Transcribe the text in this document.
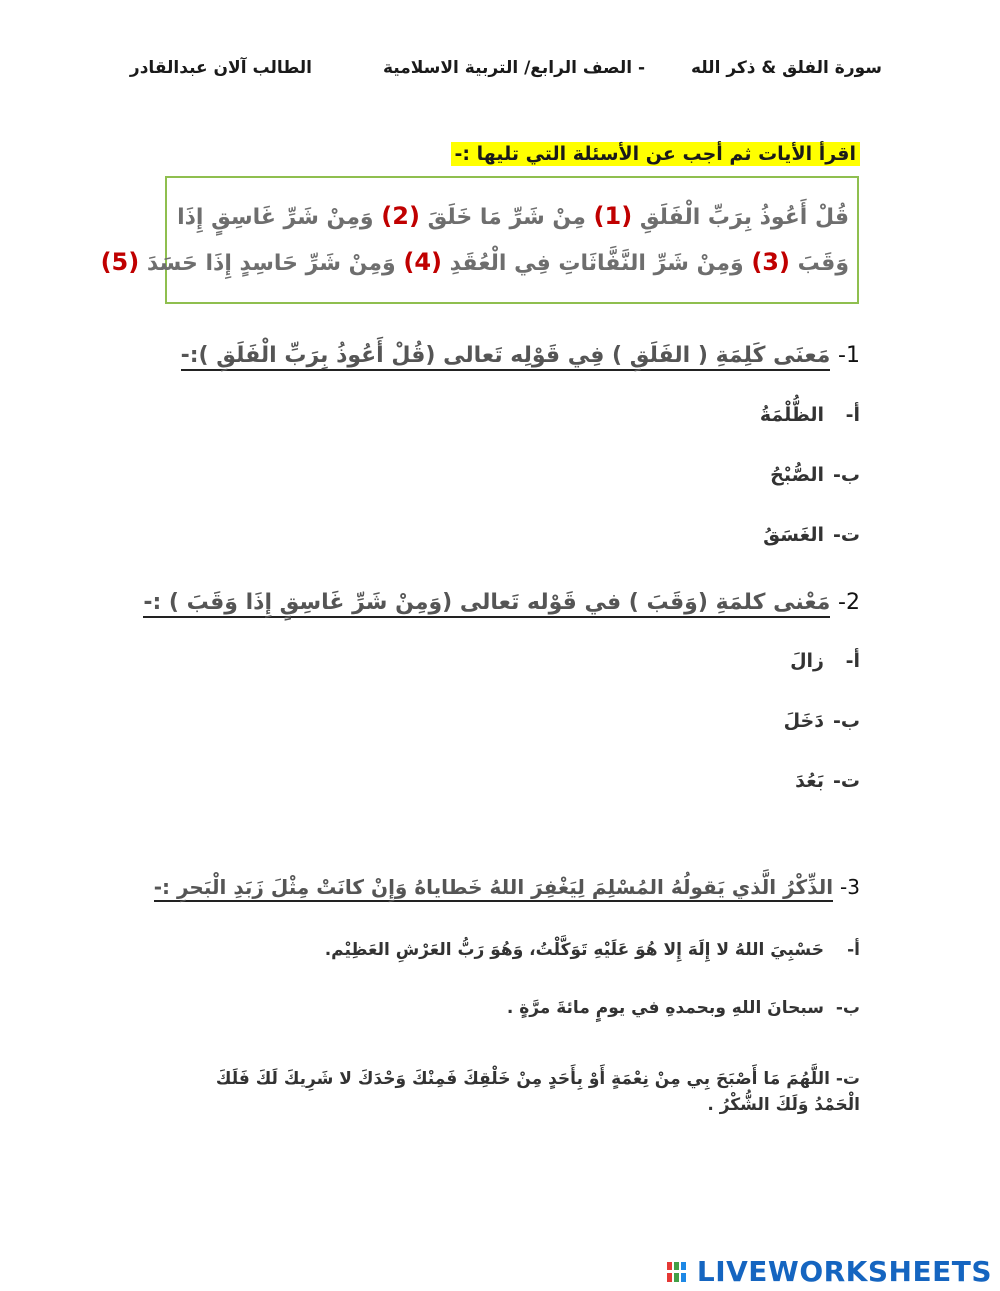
سورة الفلق & ذكر الله
- الصف الرابع/ التربية الاسلامية
الطالب آلان عبدالقادر
اقرأ الأيات ثم أجب عن الأسئلة التي تليها :-
قُلْ أَعُوذُ بِرَبِّ الْفَلَقِ (1) مِنْ شَرِّ مَا خَلَقَ (2) وَمِنْ شَرِّ غَاسِقٍ إِذَا
وَقَبَ (3) وَمِنْ شَرِّ النَّفَّاثَاتِ فِي الْعُقَدِ (4) وَمِنْ شَرِّ حَاسِدٍ إِذَا حَسَدَ (5)
1- مَعنَى كَلِمَةِ ( الفَلَقِ ) فِي قَوْلِه تَعالى (قُلْ أَعُوذُ بِرَبِّ الْفَلَقِ ):-
أ-الظُّلْمَةُ
ب-الصُّبْحُ
ت-الغَسَقُ
2- مَعْنى كلمَةِ (وَقَبَ ) في قَوْله تَعالى (وَمِنْ شَرِّ غَاسِقٍ إِذَا وَقَبَ ) :-
أ-زالَ
ب-دَخَلَ
ت-بَعُدَ
3- الذِّكْرُ الَّذي يَقولُهُ المُسْلِمَ لِيَغْفِرَ اللهُ خَطاياهُ وَإِنْ كانَتْ مِثْلَ زَبَدِ الْبَحرِ :-
أ-حَسْبِيَ اللهُ لا إِلَهَ إِلا هُوَ عَلَيْهِ تَوَكَّلْتُ، وَهُوَ رَبُّ العَرْشِ العَظِيْم.
ب-سبحانَ اللهِ وبحمدهِ في يومٍ مائةَ مرَّةٍ .
ت- اللَّهُمَ مَا أَصْبَحَ بِي مِنْ نِعْمَةٍ أَوْ بِأَحَدٍ مِنْ خَلْقِكَ فَمِنْكَ وَحْدَكَ لا شَرِيكَ لَكَ فَلَكَ الْحَمْدُ وَلَكَ الشُّكْرُ .
LIVEWORKSHEETS
